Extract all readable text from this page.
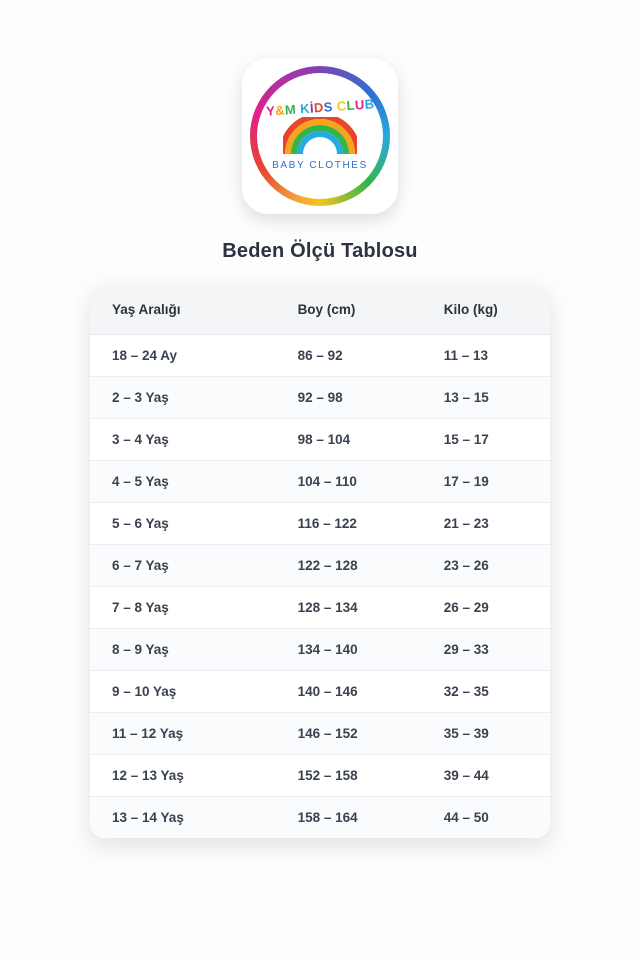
Y&M KİDS CLUB
BABY CLOTHES
Beden Ölçü Tablosu
Yaş Aralığı	Boy (cm)	Kilo (kg)
18 – 24 Ay	86 – 92	11 – 13
2 – 3 Yaş	92 – 98	13 – 15
3 – 4 Yaş	98 – 104	15 – 17
4 – 5 Yaş	104 – 110	17 – 19
5 – 6 Yaş	116 – 122	21 – 23
6 – 7 Yaş	122 – 128	23 – 26
7 – 8 Yaş	128 – 134	26 – 29
8 – 9 Yaş	134 – 140	29 – 33
9 – 10 Yaş	140 – 146	32 – 35
11 – 12 Yaş	146 – 152	35 – 39
12 – 13 Yaş	152 – 158	39 – 44
13 – 14 Yaş	158 – 164	44 – 50
